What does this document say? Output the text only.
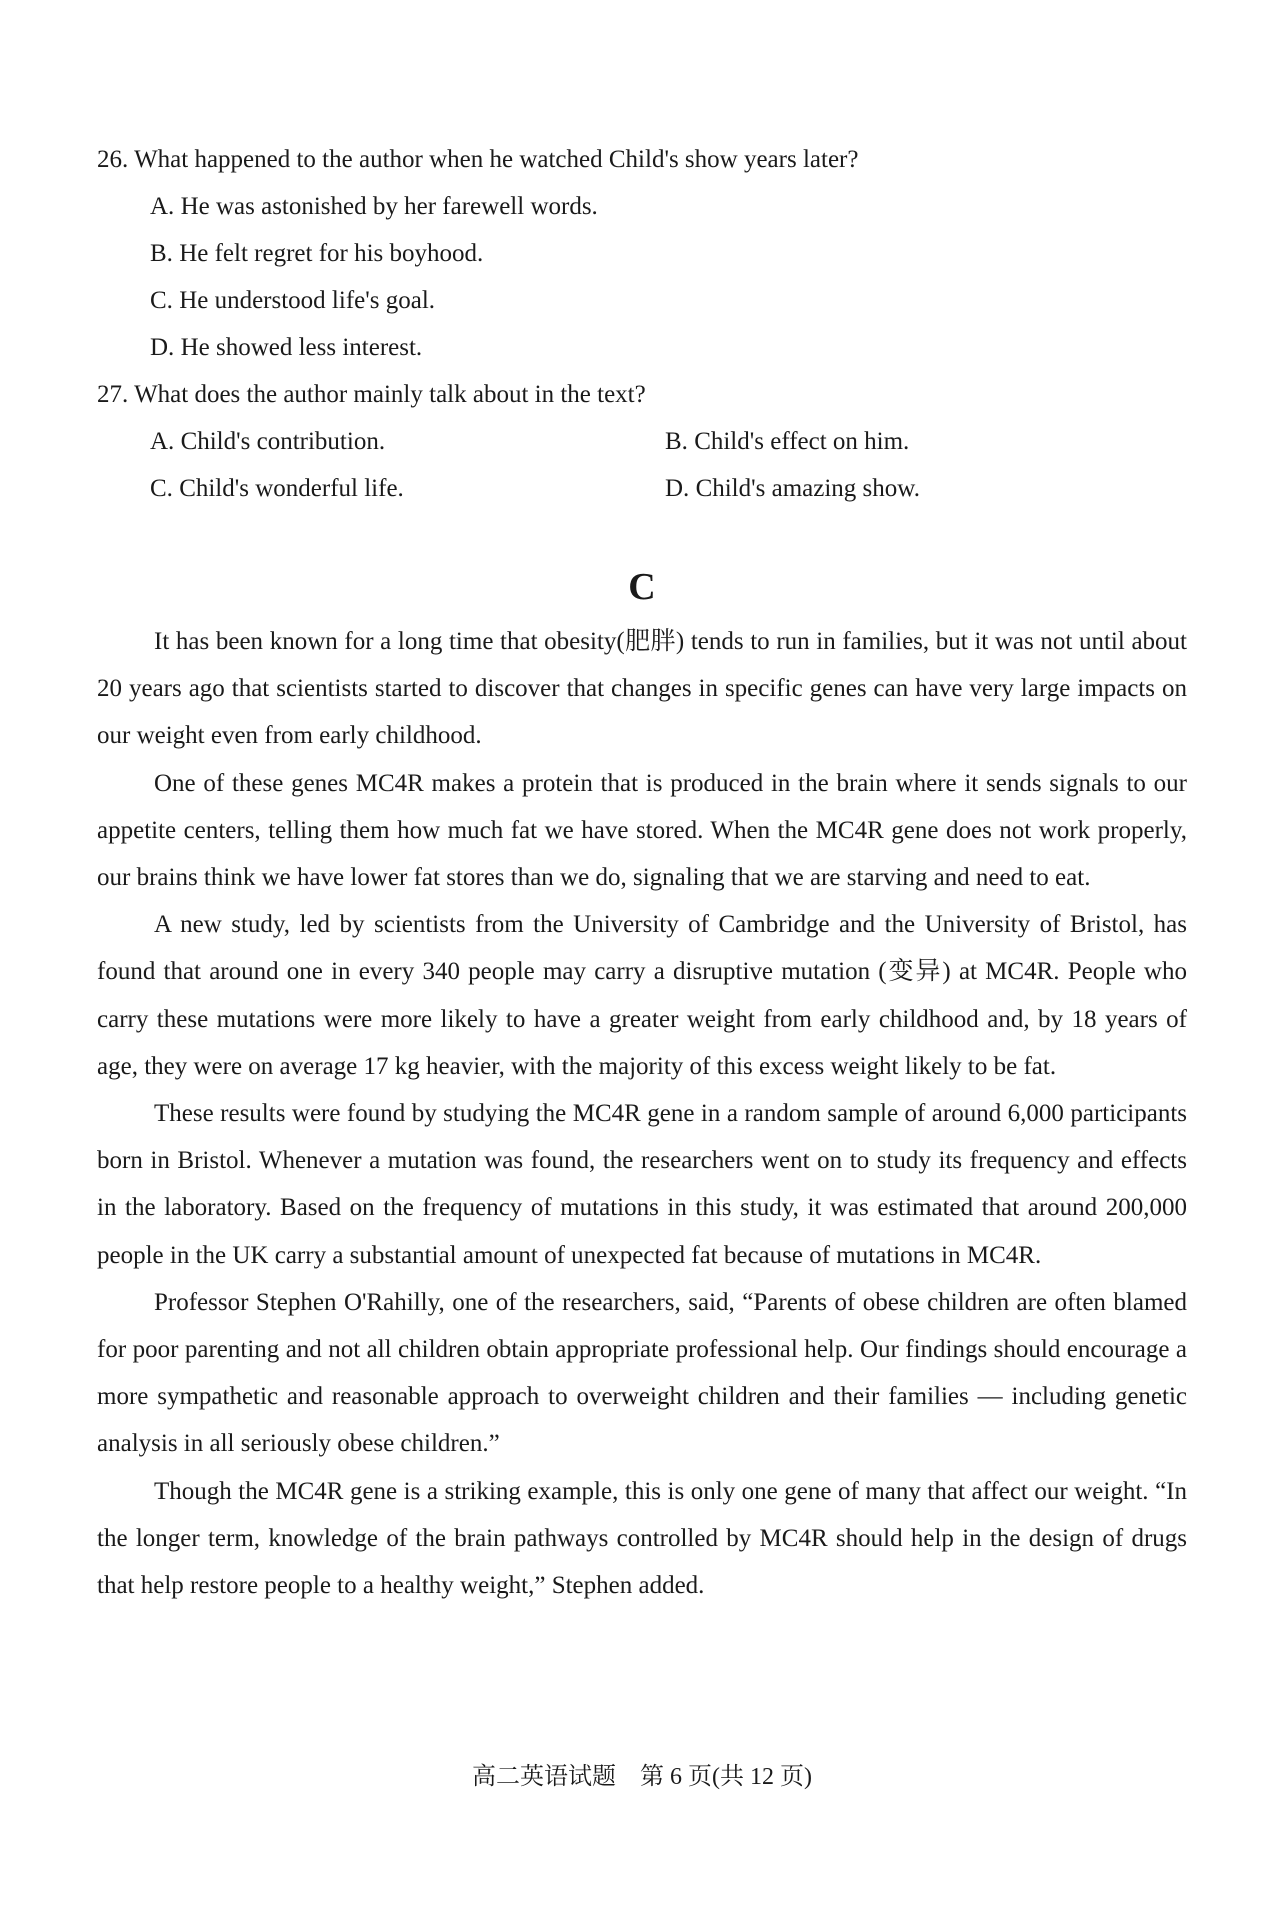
26. What happened to the author when he watched Child's show years later?
A. He was astonished by her farewell words.
B. He felt regret for his boyhood.
C. He understood life's goal.
D. He showed less interest.
27. What does the author mainly talk about in the text?
A. Child's contribution.	B. Child's effect on him.
C. Child's wonderful life.	D. Child's amazing show.
C

It has been known for a long time that obesity(肥胖) tends to run in families, but it was not until about 20 years ago that scientists started to discover that changes in specific genes can have very large impacts on our weight even from early childhood.

One of these genes MC4R makes a protein that is produced in the brain where it sends signals to our appetite centers, telling them how much fat we have stored. When the MC4R gene does not work properly, our brains think we have lower fat stores than we do, signaling that we are starving and need to eat.

A new study, led by scientists from the University of Cambridge and the University of Bristol, has found that around one in every 340 people may carry a disruptive mutation (变异) at MC4R. People who carry these mutations were more likely to have a greater weight from early childhood and, by 18 years of age, they were on average 17 kg heavier, with the majority of this excess weight likely to be fat.

These results were found by studying the MC4R gene in a random sample of around 6,000 participants born in Bristol. Whenever a mutation was found, the researchers went on to study its frequency and effects in the laboratory. Based on the frequency of mutations in this study, it was estimated that around 200,000 people in the UK carry a substantial amount of unexpected fat because of mutations in MC4R.

Professor Stephen O'Rahilly, one of the researchers, said, “Parents of obese children are often blamed for poor parenting and not all children obtain appropriate professional help. Our findings should encourage a more sympathetic and reasonable approach to overweight children and their families — including genetic analysis in all seriously obese children.”

Though the MC4R gene is a striking example, this is only one gene of many that affect our weight. “In the longer term, knowledge of the brain pathways controlled by MC4R should help in the design of drugs that help restore people to a healthy weight,” Stephen added.

高二英语试题　第 6 页(共 12 页)
